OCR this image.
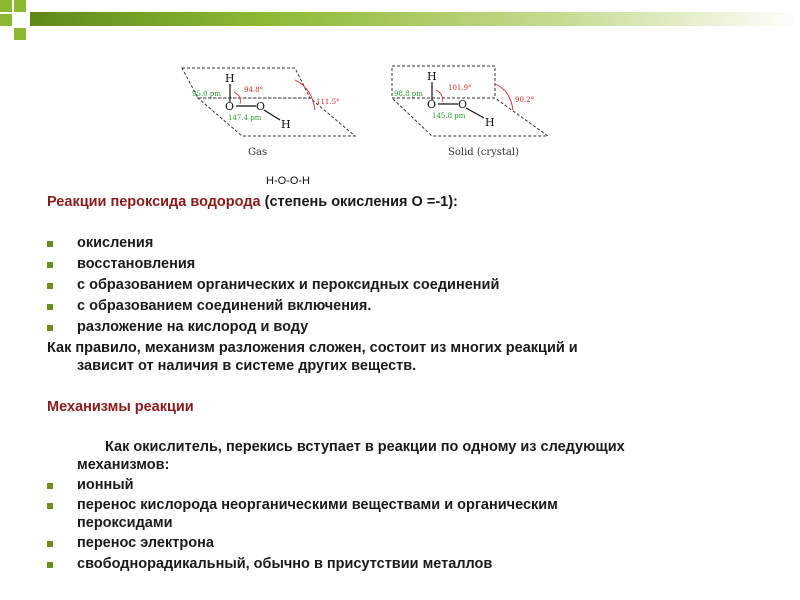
H
O O
H
95.0 pm
147.4 pm
94.8°
111.5°
Gas
H
O O
H
98.8 pm
145.8 pm
101.9°
90.2°
Solid (crystal)
Н-О-О-Н
Реакции пероксида водорода (степень окисления О =-1):
окисления
восстановления
с образованием органических и пероксидных соединений
с образованием соединений включения.
разложение на кислород и воду
Как правило, механизм разложения сложен, состоит из многих реакций и
зависит от наличия в системе других веществ.
Механизмы реакции
Как окислитель, перекись вступает в реакции по одному из следующих
механизмов:
ионный
перенос кислорода неорганическими веществами и органическим
пероксидами
перенос электрона
свободнорадикальный, обычно в присутствии металлов
